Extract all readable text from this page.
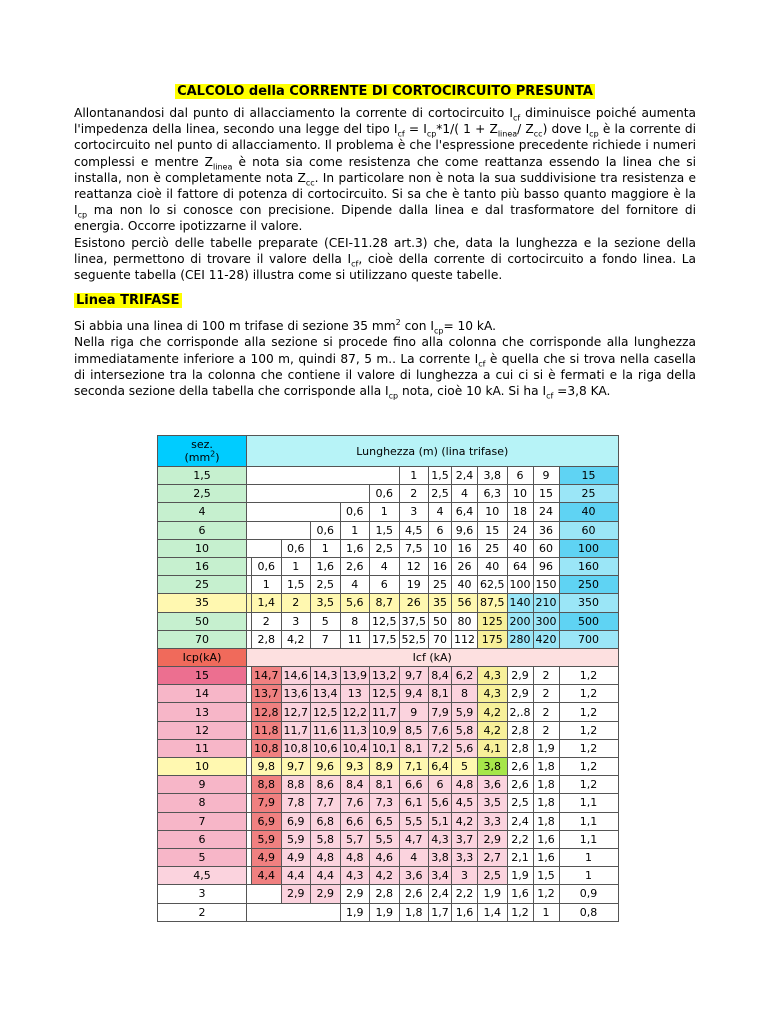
CALCOLO della CORRENTE DI CORTOCIRCUITO PRESUNTA

Allontanandosi dal punto di allacciamento la corrente di cortocircuito $I_{cf}$ diminuisce poiché aumenta l'impedenza della linea, secondo una legge del tipo $I_{cf} = I_{cp}*1/$( $1 + Z_{linea}/$ $Z_{cc}$) dove $I_{cp}$ è la corrente di cortocircuito nel punto di allacciamento. Il problema è che l'espressione precedente richiede i numeri complessi e mentre $Z_{linea}$ è nota sia come resistenza che come reattanza essendo la linea che si installa, non è completamente nota $Z_{cc}$. In particolare non è nota la sua suddivisione tra resistenza e reattanza cioè il fattore di potenza di cortocircuito. Si sa che è tanto più basso quanto maggiore è la $I_{cp}$ ma non lo si conosce con precisione. Dipende dalla linea e dal trasformatore del fornitore di energia. Occorre ipotizzarne il valore.

Esistono perciò delle tabelle preparate (CEI-11.28 art.3) che, data la lunghezza e la sezione della linea, permettono di trovare il valore della $I_{cf}$, cioè della corrente di cortocircuito a fondo linea. La seguente tabella (CEI 11-28) illustra come si utilizzano queste tabelle.

Linea TRIFASE

Si abbia una linea di 100 m trifase di sezione 35 $mm^2$ con $I_{cp}= 10$ kA.

Nella riga che corrisponde alla sezione si procede fino alla colonna che corrisponde alla lunghezza immediatamente inferiore a 100 m, quindi 87, 5 m.. La corrente $I_{cf}$ è quella che si trova nella casella di intersezione tra la colonna che contiene il valore di lunghezza a cui ci si è fermati e la riga della seconda sezione della tabella che corrisponde alla $I_{cp}$ nota, cioè 10 kA. Si ha $I_{cf} =3,8$ KA.

sez.
$(mm^2)$	Lunghezza (m) (lina trifase)												
1,5							1	1,5	2,4	3,8	6	9	15
2,5						0,6	2	2,5	4	6,3	10	15	25
4					0,6	1	3	4	6,4	10	18	24	40
6				0,6	1	1,5	4,5	6	9,6	15	24	36	60
10			0,6	1	1,6	2,5	7,5	10	16	25	40	60	100
16		0,6	1	1,6	2,6	4	12	16	26	40	64	96	160
25		1	1,5	2,5	4	6	19	25	40	62,5	100	150	250
35		1,4	2	3,5	5,6	8,7	26	35	56	87,5	140	210	350
50		2	3	5	8	12,5	37,5	50	80	125	200	300	500
70		2,8	4,2	7	11	17,5	52,5	70	112	175	280	420	700
Icp(kA)	Icf (kA)												
15		14,7	14,6	14,3	13,9	13,2	9,7	8,4	6,2	4,3	2,9	2	1,2
14		13,7	13,6	13,4	13	12,5	9,4	8,1	8	4,3	2,9	2	1,2
13		12,8	12,7	12,5	12,2	11,7	9	7,9	5,9	4,2	2,.8	2	1,2
12		11,8	11,7	11,6	11,3	10,9	8,5	7,6	5,8	4,2	2,8	2	1,2
11		10,8	10,8	10,6	10,4	10,1	8,1	7,2	5,6	4,1	2,8	1,9	1,2
10		9,8	9,7	9,6	9,3	8,9	7,1	6,4	5	3,8	2,6	1,8	1,2
9		8,8	8,8	8,6	8,4	8,1	6,6	6	4,8	3,6	2,6	1,8	1,2
8		7,9	7,8	7,7	7,6	7,3	6,1	5,6	4,5	3,5	2,5	1,8	1,1
7		6,9	6,9	6,8	6,6	6,5	5,5	5,1	4,2	3,3	2,4	1,8	1,1
6		5,9	5,9	5,8	5,7	5,5	4,7	4,3	3,7	2,9	2,2	1,6	1,1
5		4,9	4,9	4,8	4,8	4,6	4	3,8	3,3	2,7	2,1	1,6	1
4,5		4,4	4,4	4,4	4,3	4,2	3,6	3,4	3	2,5	1,9	1,5	1
3			2,9	2,9	2,9	2,8	2,6	2,4	2,2	1,9	1,6	1,2	0,9
2					1,9	1,9	1,8	1,7	1,6	1,4	1,2	1	0,8
